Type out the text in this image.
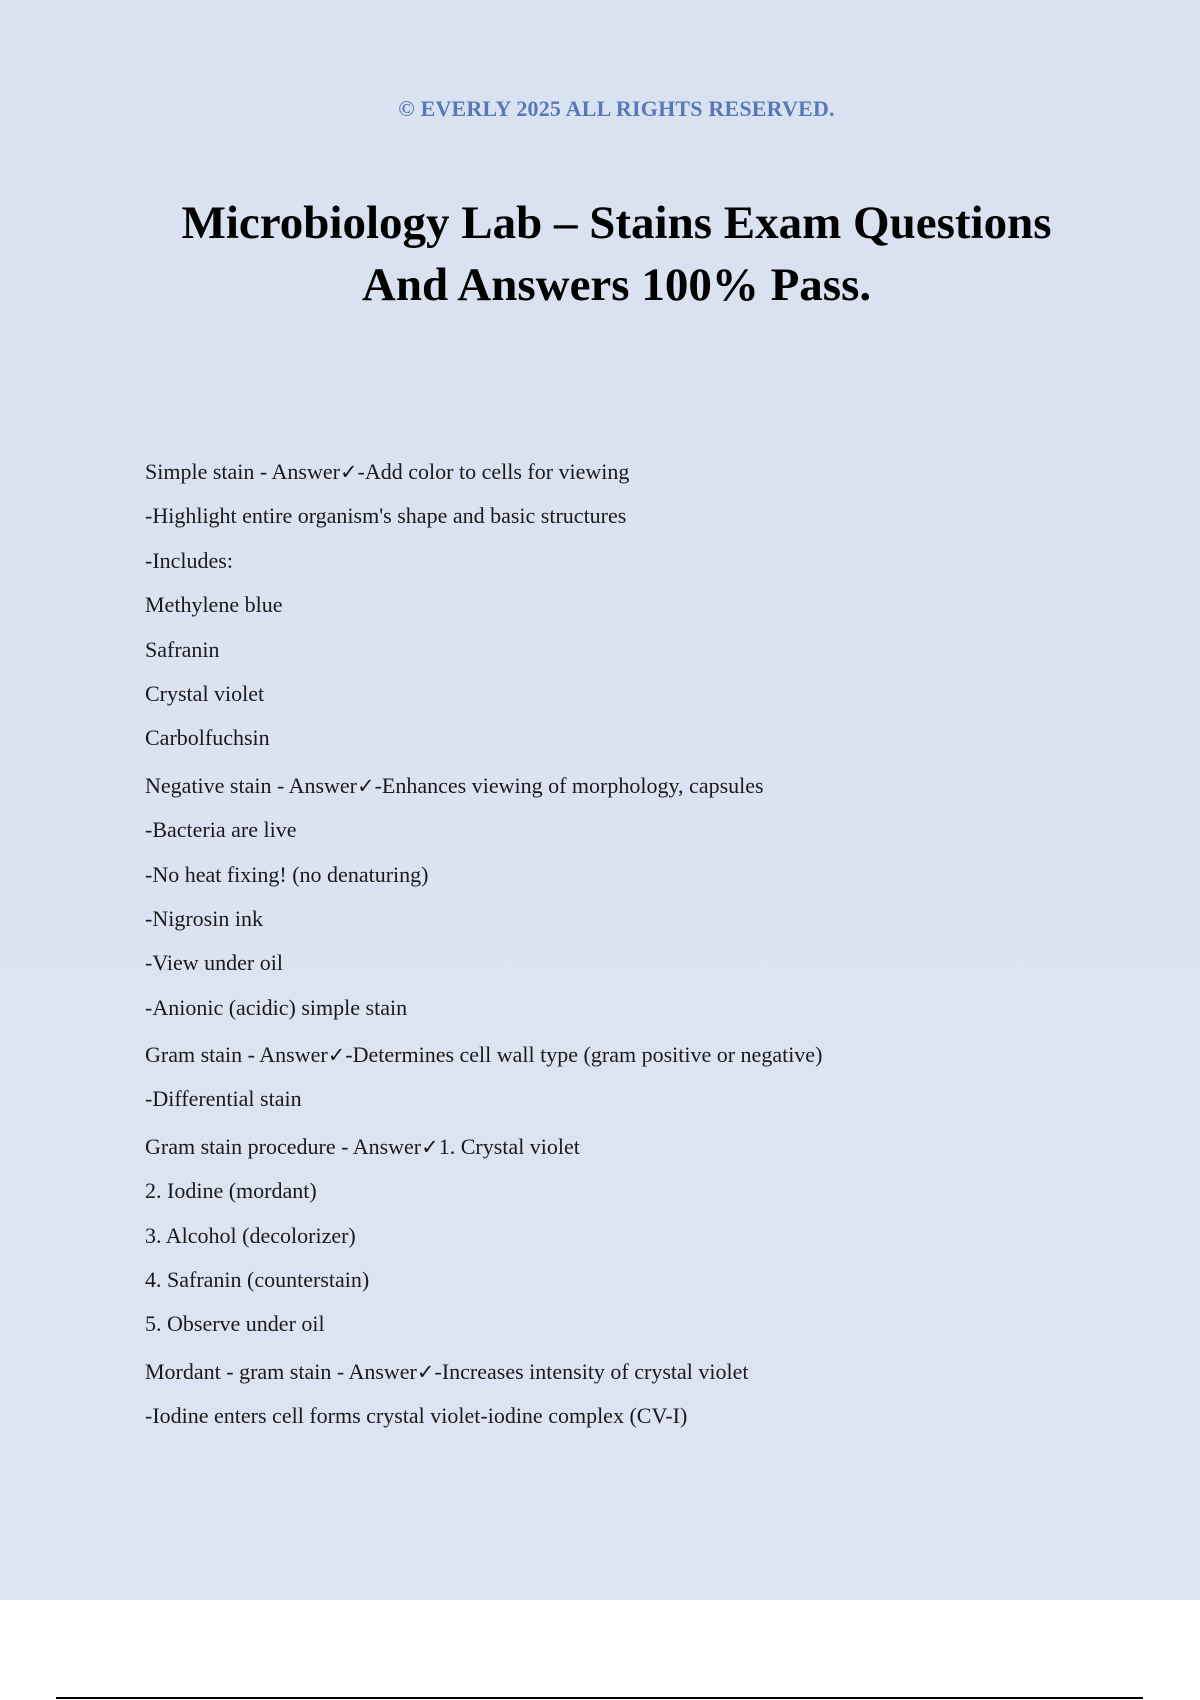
© EVERLY 2025 ALL RIGHTS RESERVED.
Microbiology Lab – Stains Exam Questions
And Answers 100% Pass.
Simple stain - Answer✓-Add color to cells for viewing
-Highlight entire organism's shape and basic structures
-Includes:
Methylene blue
Safranin
Crystal violet
Carbolfuchsin
Negative stain - Answer✓-Enhances viewing of morphology, capsules
-Bacteria are live
-No heat fixing! (no denaturing)
-Nigrosin ink
-View under oil
-Anionic (acidic) simple stain
Gram stain - Answer✓-Determines cell wall type (gram positive or negative)
-Differential stain
Gram stain procedure - Answer✓1. Crystal violet
2. Iodine (mordant)
3. Alcohol (decolorizer)
4. Safranin (counterstain)
5. Observe under oil
Mordant - gram stain - Answer✓-Increases intensity of crystal violet
-Iodine enters cell forms crystal violet-iodine complex (CV-I)
